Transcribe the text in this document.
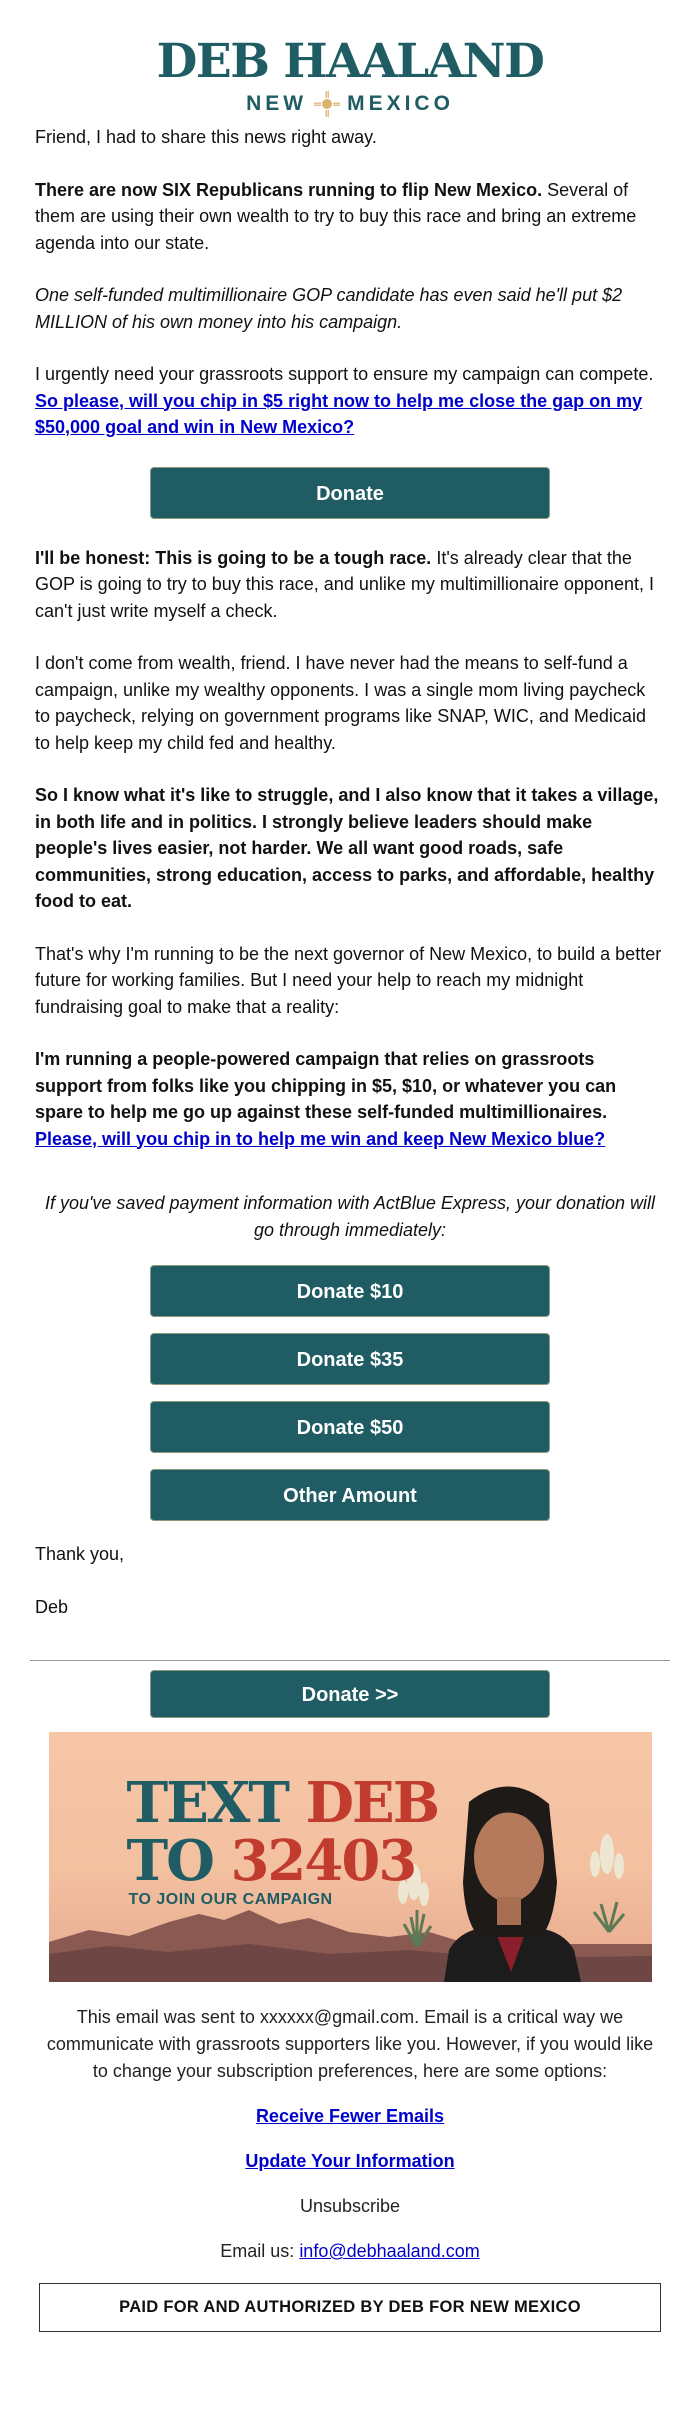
DEB HAALAND
NEW MEXICO

Friend, I had to share this news right away.

There are now SIX Republicans running to flip New Mexico. Several of them are using their own wealth to try to buy this race and bring an extreme agenda into our state.

One self-funded multimillionaire GOP candidate has even said he'll put $2 MILLION of his own money into his campaign.

I urgently need your grassroots support to ensure my campaign can compete.
So please, will you chip in $5 right now to help me close the gap on my $50,000 goal and win in New Mexico?

Donate

I'll be honest: This is going to be a tough race. It's already clear that the GOP is going to try to buy this race, and unlike my multimillionaire opponent, I can't just write myself a check.

I don't come from wealth, friend. I have never had the means to self-fund a campaign, unlike my wealthy opponents. I was a single mom living paycheck to paycheck, relying on government programs like SNAP, WIC, and Medicaid to help keep my child fed and healthy.

So I know what it's like to struggle, and I also know that it takes a village, in both life and in politics. I strongly believe leaders should make people's lives easier, not harder. We all want good roads, safe communities, strong education, access to parks, and affordable, healthy food to eat.

That's why I'm running to be the next governor of New Mexico, to build a better future for working families. But I need your help to reach my midnight fundraising goal to make that a reality:

I'm running a people-powered campaign that relies on grassroots support from folks like you chipping in $5, $10, or whatever you can spare to help me go up against these self-funded multimillionaires.
Please, will you chip in to help me win and keep New Mexico blue?

If you've saved payment information with ActBlue Express, your donation will go through immediately:

Donate $10
Donate $35
Donate $50
Other Amount

Thank you,

Deb

Donate >>
TEXT DEB
TO 32403
TO JOIN OUR CAMPAIGN

This email was sent to xxxxxx@gmail.com. Email is a critical way we communicate with grassroots supporters like you. However, if you would like to change your subscription preferences, here are some options:

Receive Fewer Emails

Update Your Information

Unsubscribe

Email us: info@debhaaland.com

PAID FOR AND AUTHORIZED BY DEB FOR NEW MEXICO
